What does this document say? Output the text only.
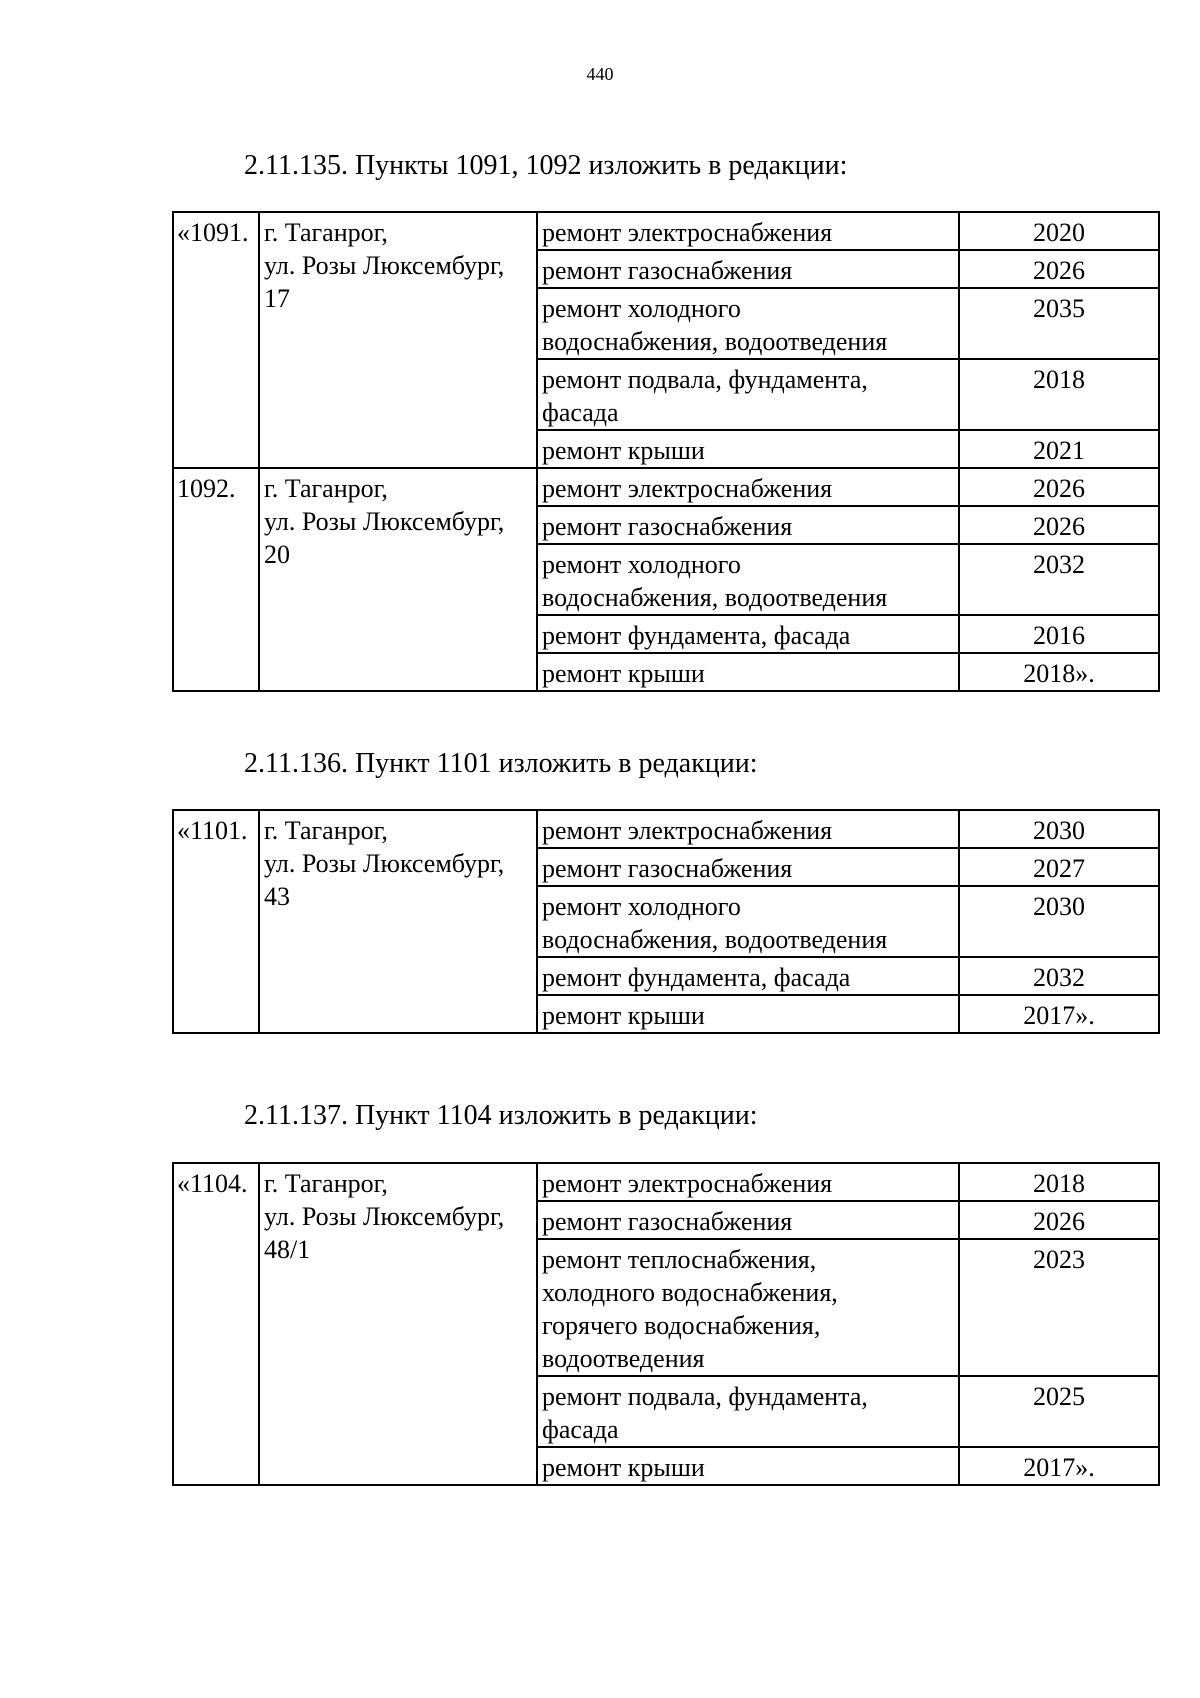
440
2.11.135. Пункты 1091, 1092 изложить в редакции:
«1091.	г. Таганрог,
ул. Розы Люксембург,
17	ремонт электроснабжения	2020

		ремонт газоснабжения	2026

		ремонт холодного
водоснабжения, водоотведения	2035

		ремонт подвала, фундамента,
фасада	2018

		ремонт крыши	2021
1092.	г. Таганрог,
ул. Розы Люксембург,
20	ремонт электроснабжения	2026

		ремонт газоснабжения	2026

		ремонт холодного
водоснабжения, водоотведения	2032

		ремонт фундамента, фасада	2016

		ремонт крыши	2018».
2.11.136. Пункт 1101 изложить в редакции:
«1101.	г. Таганрог,
ул. Розы Люксембург,
43	ремонт электроснабжения	2030

		ремонт газоснабжения	2027

		ремонт холодного
водоснабжения, водоотведения	2030

		ремонт фундамента, фасада	2032

		ремонт крыши	2017».
2.11.137. Пункт 1104 изложить в редакции:
«1104.	г. Таганрог,
ул. Розы Люксембург,
48/1	ремонт электроснабжения	2018

		ремонт газоснабжения	2026

		ремонт теплоснабжения,
холодного водоснабжения,
горячего водоснабжения,
водоотведения	2023

		ремонт подвала, фундамента,
фасада	2025

		ремонт крыши	2017».
